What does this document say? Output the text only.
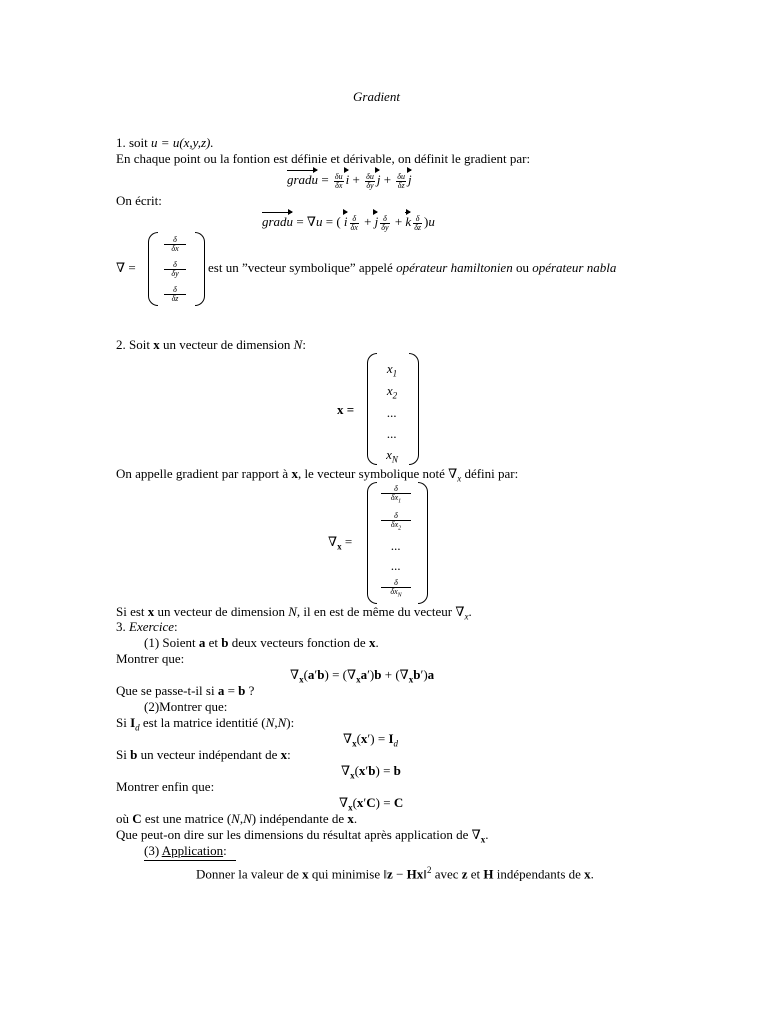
Gradient
1. soit u = u(x,y,z).
En chaque point ou la fontion est définie et dérivable, on définit le gradient par:
gradu = $\frac{\delta u}{\delta x}$ $i + \frac{\delta u}{\delta y}$ $j + \frac{\delta u}{\delta z}$ j
On écrit:
gradu = ∇u = ( i $\frac{\delta}{\delta x} + j \frac{\delta}{\delta y} + k \frac{\delta}{\delta z} )u$
∇ =
$\frac{\delta}{\delta x}$
$\frac{\delta}{\delta y}$
$\frac{\delta}{\delta z}$
est un ”vecteur symbolique” appelé opérateur hamiltonien ou opérateur nabla
2. Soit x un vecteur de dimension N:
x =
$x_1$
$x_2$
...
...
$x_N$
On appelle gradient par rapport à x, le vecteur symbolique noté $\nabla_x$ défini par:
$\nabla_x$ =
$\frac{\delta}{\delta x_1}$
$\frac{\delta}{\delta x_2}$
...
...
δ
$\delta x_N$
Si est x un vecteur de dimension N, il en est de même du vecteur $\nabla_x$.
3. Exercice:
(1) Soient a et b deux vecteurs fonction de x.
Montrer que:
$\nabla_x(a'b) = (\nabla_xa')b + (\nabla_xb')a$
Que se passe-t-il si a = b ?
(2)Montrer que:
Si $I_d$ est la matrice identitié (N,N):
$\nabla_x(x') = I_d$
Si b un vecteur indépendant de x:
$\nabla_x(x'b) = b$
Montrer enfin que:
$\nabla_x(x'C) = C$
où C est une matrice (N,N) indépendante de x.
Que peut-on dire sur les dimensions du résultat après application de $\nabla_x$.
(3) Application:
Donner la valeur de x qui minimise ‖z − Hx‖$^2$ avec z et H indépendants de x.
